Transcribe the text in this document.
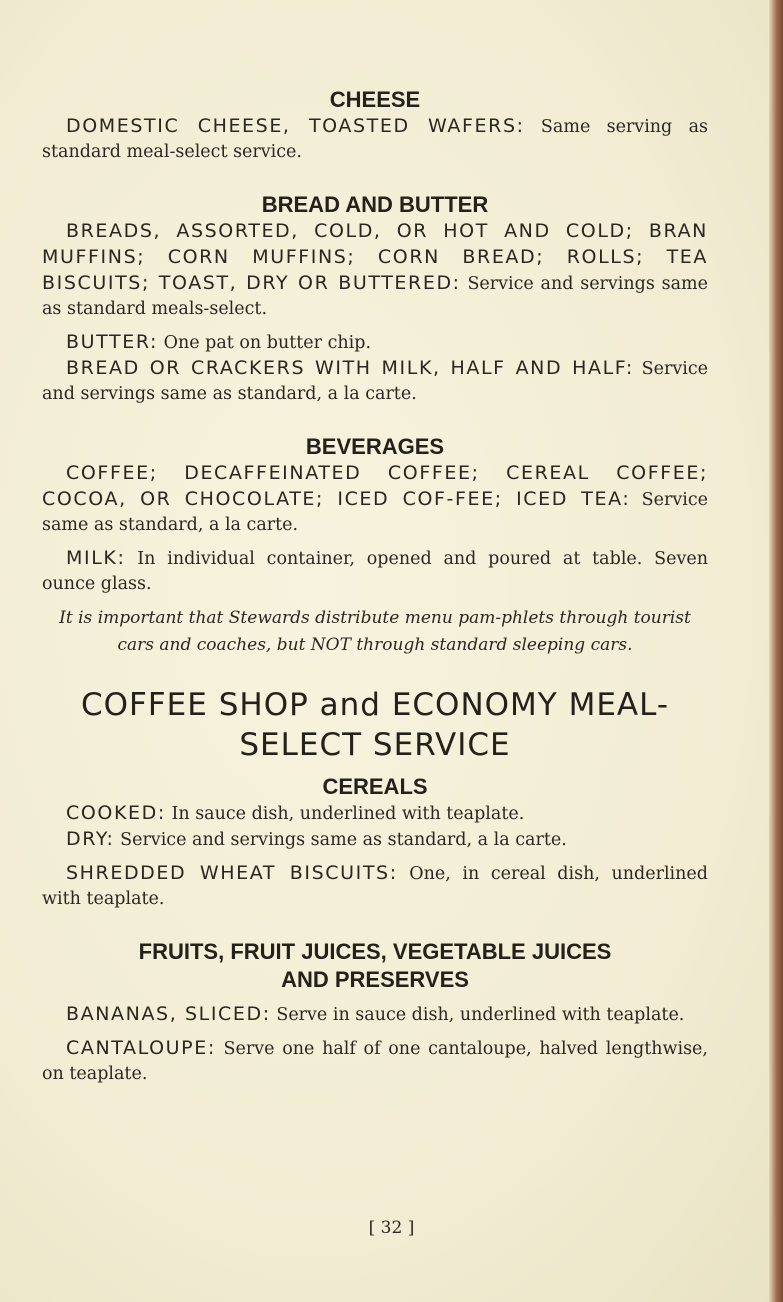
CHEESE

DOMESTIC CHEESE, TOASTED WAFERS: Same serving as standard meal-select service.

BREAD AND BUTTER

BREADS, ASSORTED, COLD, OR HOT AND COLD; BRAN MUFFINS; CORN MUFFINS; CORN BREAD; ROLLS; TEA BISCUITS; TOAST, DRY OR BUTTERED: Service and servings same as standard meals-select.

BUTTER: One pat on butter chip.

BREAD OR CRACKERS WITH MILK, HALF AND HALF: Service and servings same as standard, a la carte.

BEVERAGES

COFFEE; DECAFFEINATED COFFEE; CEREAL COFFEE; COCOA, OR CHOCOLATE; ICED COF-FEE; ICED TEA: Service same as standard, a la carte.

MILK: In individual container, opened and poured at table. Seven ounce glass.

It is important that Stewards distribute menu pam-phlets through tourist cars and coaches, but NOT through standard sleeping cars.

COFFEE SHOP and ECONOMY MEAL-
SELECT SERVICE
CEREALS

COOKED: In sauce dish, underlined with teaplate.

DRY: Service and servings same as standard, a la carte.

SHREDDED WHEAT BISCUITS: One, in cereal dish, underlined with teaplate.

FRUITS, FRUIT JUICES, VEGETABLE JUICES
AND PRESERVES

BANANAS, SLICED: Serve in sauce dish, underlined with teaplate.

CANTALOUPE: Serve one half of one cantaloupe, halved lengthwise, on teaplate.

[ 32 ]
